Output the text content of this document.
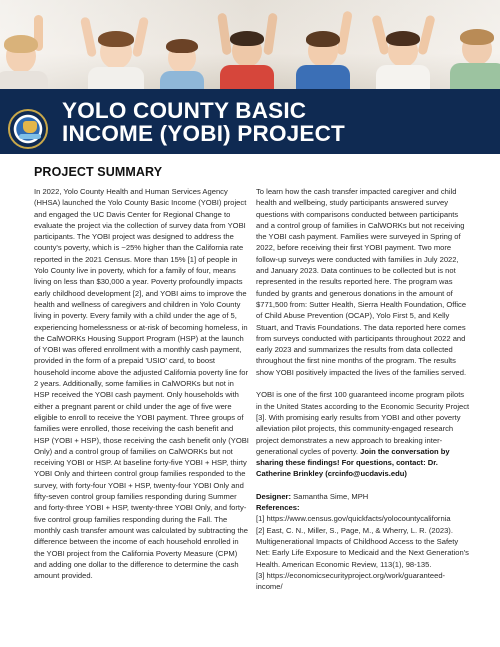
YOLO COUNTY BASIC
INCOME (YOBI) PROJECT
PROJECT SUMMARY

In 2022, Yolo County Health and Human Services Agency (HHSA) launched the Yolo County Basic Income (YOBI) project and engaged the UC Davis Center for Regional Change to evaluate the project via the collection of survey data from YOBI participants. The YOBI project was designed to address the county's poverty, which is ~25% higher than the California rate reported in the 2021 Census. More than 15% [1] of people in Yolo County live in poverty, which for a family of four, means living on less than $30,000 a year. Poverty profoundly impacts early childhood development [2], and YOBI aims to improve the health and wellness of caregivers and children in Yolo County living in poverty. Every family with a child under the age of 5, experiencing homelessness or at-risk of becoming homeless, in the CalWORKs Housing Support Program (HSP) at the launch of YOBI was offered enrollment with a monthly cash payment, provided in the form of a prepaid 'USIO' card, to boost household income above the adjusted California poverty line for 2 years. Additionally, some families in CalWORKs but not in HSP received the YOBI cash payment. Only households with either a pregnant parent or child under the age of five were eligible to enroll to receive the YOBI payment. Three groups of families were enrolled, those receiving the cash benefit and HSP (YOBI + HSP), those receiving the cash benefit only (YOBI Only) and a control group of families on CalWORKs but not receiving YOBI or HSP. At baseline forty-five YOBI + HSP, thirty YOBI Only and thirteen control group families responded to the survey, with forty-four YOBI + HSP, twenty-four YOBI Only and fifty-seven control group families responding during Summer and forty-three YOBI + HSP, twenty-three YOBI Only, and forty-five control group families responding during the Fall. The monthly cash transfer amount was calculated by subtracting the difference between the income of each household enrolled in the YOBI project from the California Poverty Measure (CPM) and adding one dollar to the difference to determine the cash amount provided.

To learn how the cash transfer impacted caregiver and child health and wellbeing, study participants answered survey questions with comparisons conducted between participants and a control group of families in CalWORKs but not receiving the YOBI cash payment. Families were surveyed in Spring of 2022, before receiving their first YOBI payment. Two more follow-up surveys were conducted with families in July 2022, and January 2023. Data continues to be collected but is not represented in the results reported here. The program was funded by grants and generous donations in the amount of $771,500 from: Sutter Health, Sierra Health Foundation, Office of Child Abuse Prevention (OCAP), Yolo First 5, and Kelly Stuart, and Travis Foundations. The data reported here comes from surveys conducted with participants throughout 2022 and early 2023 and summarizes the results from data collected throughout the first nine months of the program. The results show YOBI positively impacted the lives of the families served.

YOBI is one of the first 100 guaranteed income program pilots in the United States according to the Economic Security Project [3]. With promising early results from YOBI and other poverty alleviation pilot projects, this community-engaged research project demonstrates a new approach to breaking inter-generational cycles of poverty. Join the conversation by sharing these findings! For questions, contact: Dr. Catherine Brinkley (crcinfo@ucdavis.edu)

Designer: Samantha Sime, MPH

References:

[1] https://www.census.gov/quickfacts/yolocountycalifornia

[2] East, C. N., Miller, S., Page, M., & Wherry, L. R. (2023). Multigenerational Impacts of Childhood Access to the Safety Net: Early Life Exposure to Medicaid and the Next Generation's Health. American Economic Review, 113(1), 98-135.

[3] https://economicsecurityproject.org/work/guaranteed-income/
